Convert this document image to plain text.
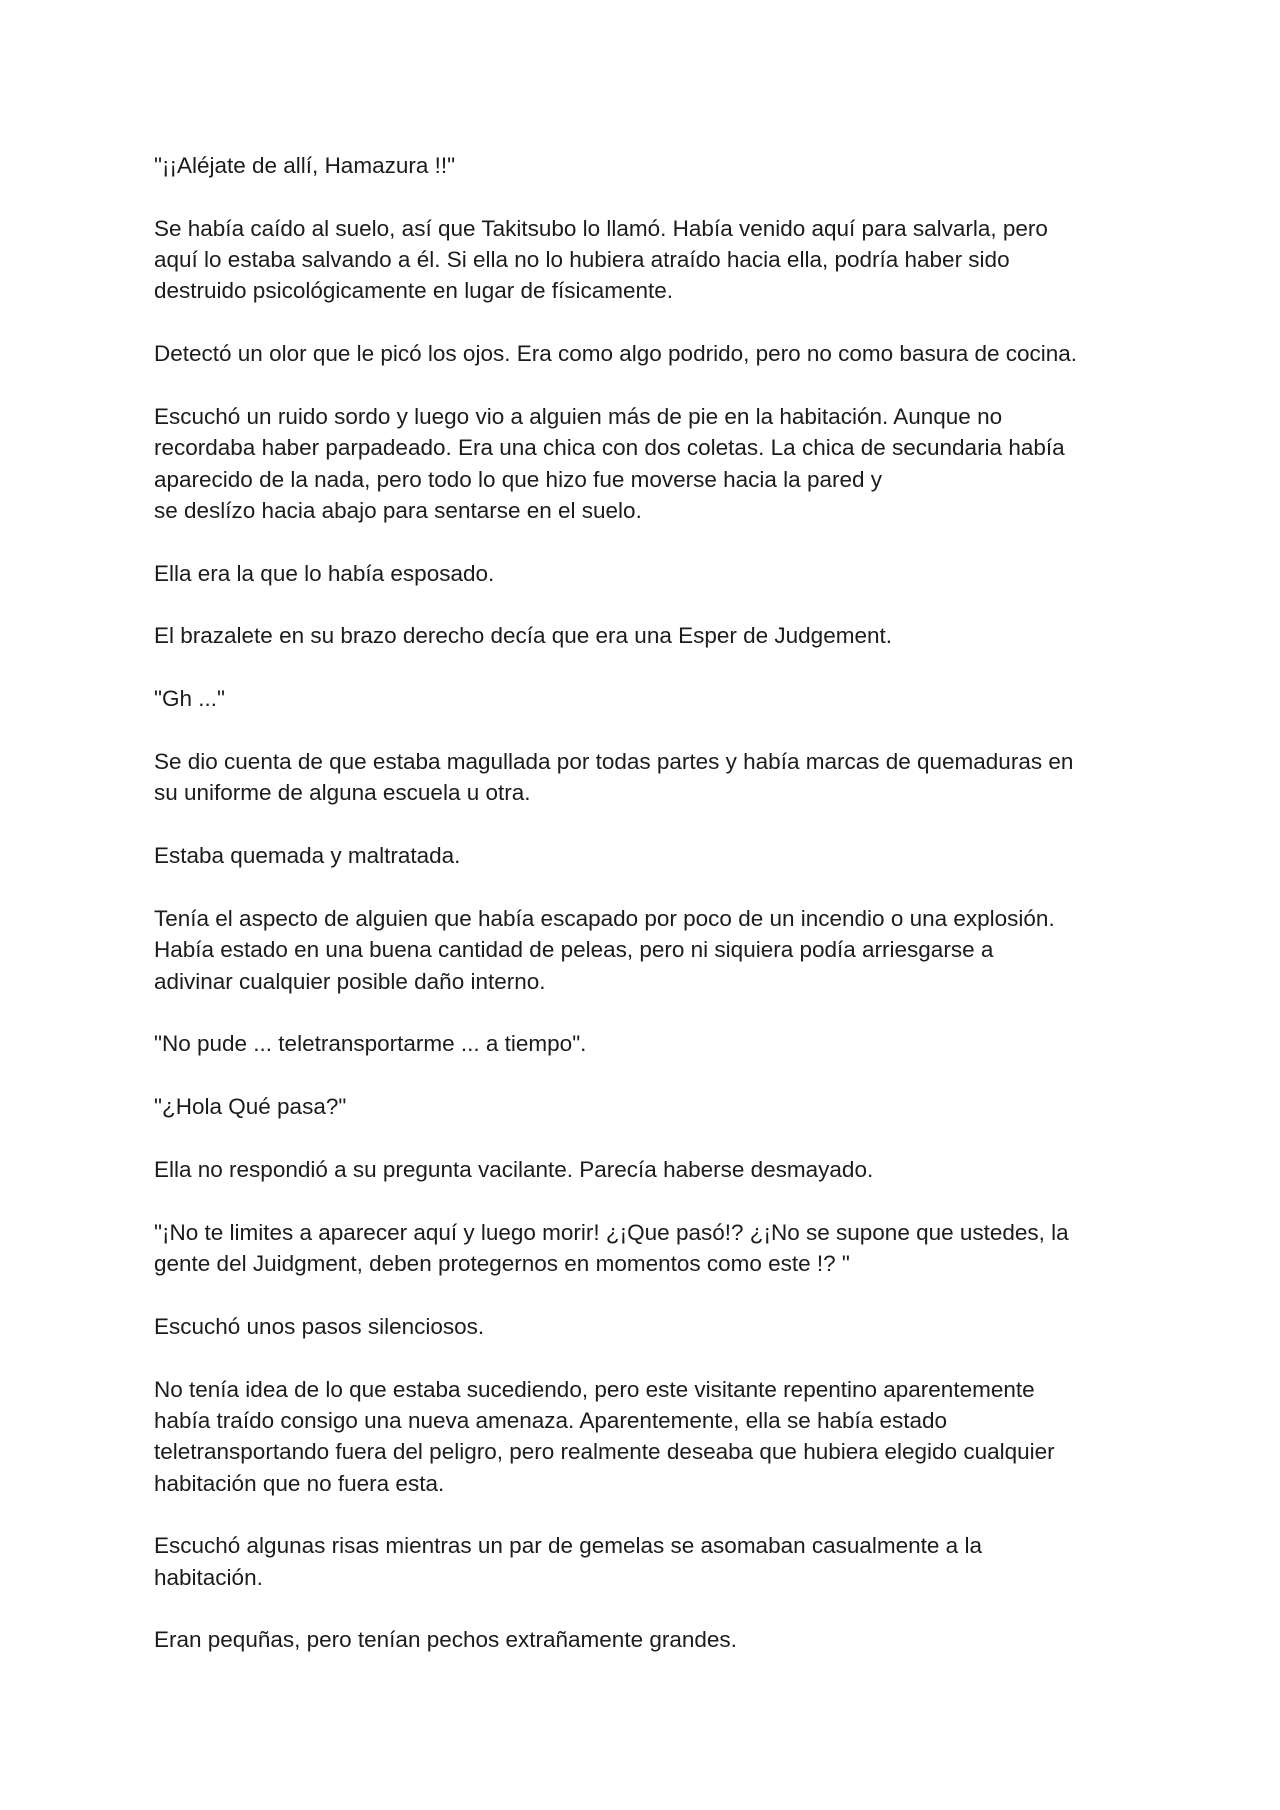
"¡¡Aléjate de allí, Hamazura !!"

Se había caído al suelo, así que Takitsubo lo llamó. Había venido aquí para salvarla, pero
aquí lo estaba salvando a él. Si ella no lo hubiera atraído hacia ella, podría haber sido
destruido psicológicamente en lugar de físicamente.

Detectó un olor que le picó los ojos. Era como algo podrido, pero no como basura de cocina.

Escuchó un ruido sordo y luego vio a alguien más de pie en la habitación. Aunque no
recordaba haber parpadeado. Era una chica con dos coletas. La chica de secundaria había
aparecido de la nada, pero todo lo que hizo fue moverse hacia la pared y
se deslízo hacia abajo para sentarse en el suelo.

Ella era la que lo había esposado.

El brazalete en su brazo derecho decía que era una Esper de Judgement.

"Gh ..."

Se dio cuenta de que estaba magullada por todas partes y había marcas de quemaduras en
su uniforme de alguna escuela u otra.

Estaba quemada y maltratada.

Tenía el aspecto de alguien que había escapado por poco de un incendio o una explosión.
Había estado en una buena cantidad de peleas, pero ni siquiera podía arriesgarse a
adivinar cualquier posible daño interno.

"No pude ... teletransportarme ... a tiempo".

"¿Hola Qué pasa?"

Ella no respondió a su pregunta vacilante. Parecía haberse desmayado.

"¡No te limites a aparecer aquí y luego morir! ¿¡Que pasó!? ¿¡No se supone que ustedes, la
gente del Juidgment, deben protegernos en momentos como este !? "

Escuchó unos pasos silenciosos.

No tenía idea de lo que estaba sucediendo, pero este visitante repentino aparentemente
había traído consigo una nueva amenaza. Aparentemente, ella se había estado
teletransportando fuera del peligro, pero realmente deseaba que hubiera elegido cualquier
habitación que no fuera esta.

Escuchó algunas risas mientras un par de gemelas se asomaban casualmente a la
habitación.

Eran pequñas, pero tenían pechos extrañamente grandes.
